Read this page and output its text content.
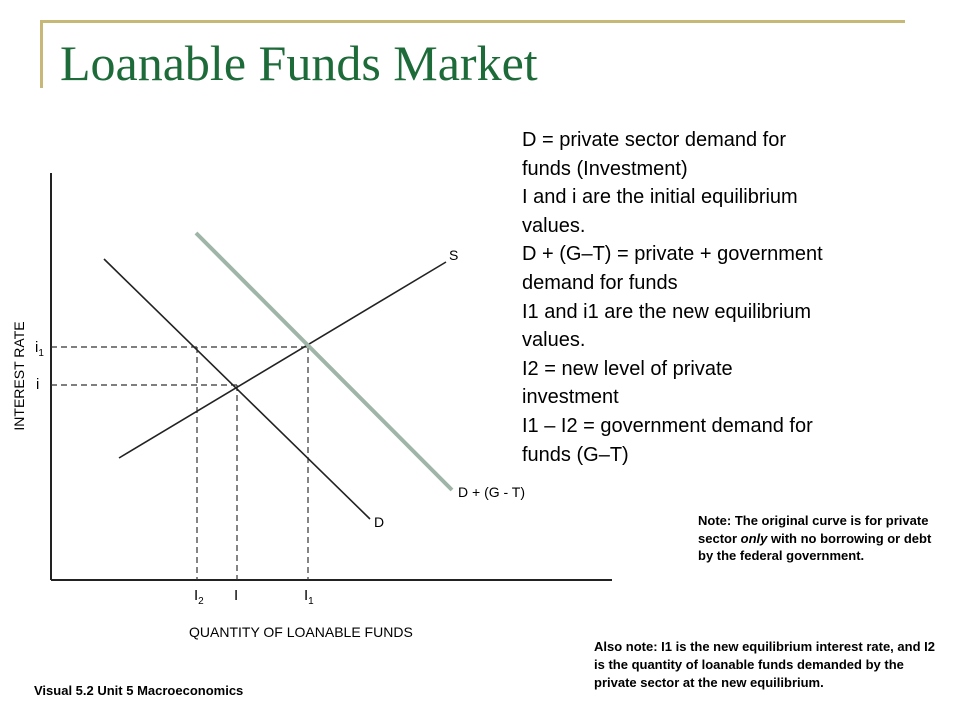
Loanable Funds Market
S
D
D + (G - T)
$i_1$
i
$I_2$ I	$I_1$
INTEREST RATE
QUANTITY OF LOANABLE FUNDS
D = private sector demand for
funds (Investment)
I and i are the initial equilibrium
values.
D + (G–T) = private + government
demand for funds
I1 and i1 are the new equilibrium
values.
I2 = new level of private
investment
I1 – I2 = government demand for
funds (G–T)
Note: The original curve is for private sector only with no borrowing or debt by the federal government.
Also note: I1 is the new equilibrium interest rate, and I2 is the quantity of loanable funds demanded by the private sector at the new equilibrium.
Visual 5.2 Unit 5 Macroeconomics
